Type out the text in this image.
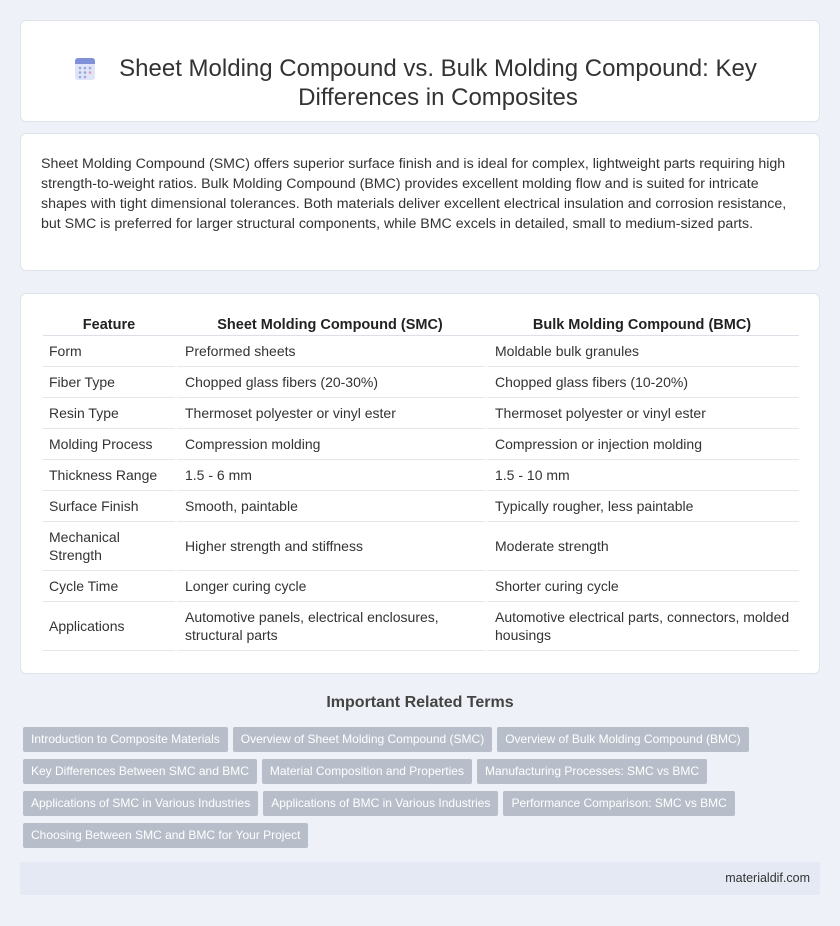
Sheet Molding Compound vs. Bulk Molding Compound: Key Differences in Composites

Sheet Molding Compound (SMC) offers superior surface finish and is ideal for complex, lightweight parts requiring high strength-to-weight ratios. Bulk Molding Compound (BMC) provides excellent molding flow and is suited for intricate shapes with tight dimensional tolerances. Both materials deliver excellent electrical insulation and corrosion resistance, but SMC is preferred for larger structural components, while BMC excels in detailed, small to medium-sized parts.

Feature	Sheet Molding Compound (SMC)	Bulk Molding Compound (BMC)
Form	Preformed sheets	Moldable bulk granules
Fiber Type	Chopped glass fibers (20-30%)	Chopped glass fibers (10-20%)
Resin Type	Thermoset polyester or vinyl ester	Thermoset polyester or vinyl ester
Molding Process	Compression molding	Compression or injection molding
Thickness Range	1.5 - 6 mm	1.5 - 10 mm
Surface Finish	Smooth, paintable	Typically rougher, less paintable
Mechanical Strength	Higher strength and stiffness	Moderate strength
Cycle Time	Longer curing cycle	Shorter curing cycle
Applications	Automotive panels, electrical enclosures, structural parts	Automotive electrical parts, connectors, molded housings
Important Related Terms
Introduction to Composite Materials Overview of Sheet Molding Compound (SMC) Overview of Bulk Molding Compound (BMC)
Key Differences Between SMC and BMC Material Composition and Properties Manufacturing Processes: SMC vs BMC
Applications of SMC in Various Industries Applications of BMC in Various Industries Performance Comparison: SMC vs BMC
Choosing Between SMC and BMC for Your Project
materialdif.com
